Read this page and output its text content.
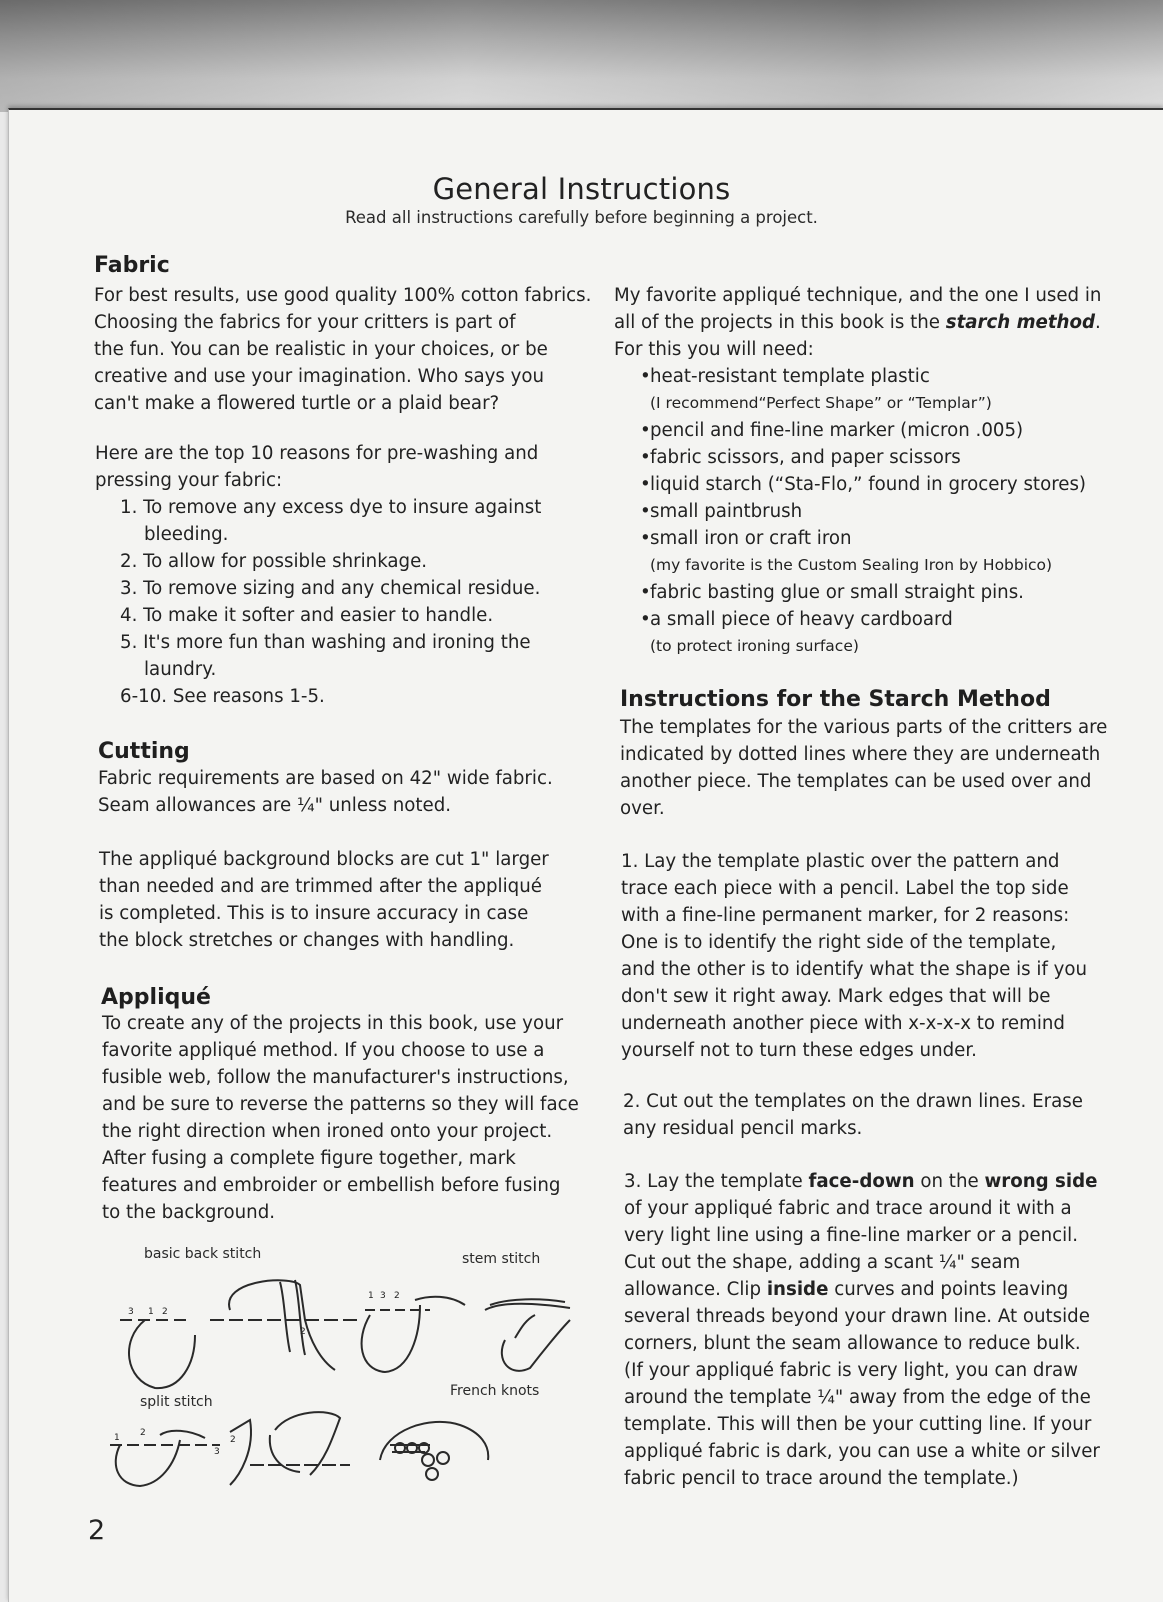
General Instructions
Read all instructions carefully before beginning a project.
Fabric

For best results, use good quality 100% cotton fabrics.

Choosing the fabrics for your critters is part of

the fun. You can be realistic in your choices, or be

creative and use your imagination. Who says you

can't make a flowered turtle or a plaid bear?

Here are the top 10 reasons for pre-washing and

pressing your fabric:

1. To remove any excess dye to insure against bleeding.

2. To allow for possible shrinkage.

3. To remove sizing and any chemical residue.

4. To make it softer and easier to handle.

5. It's more fun than washing and ironing the laundry.

6-10. See reasons 1-5.

Cutting

Fabric requirements are based on 42" wide fabric.

Seam allowances are ¼" unless noted.

The appliqué background blocks are cut 1" larger

than needed and are trimmed after the appliqué

is completed. This is to insure accuracy in case

the block stretches or changes with handling.

Appliqué

To create any of the projects in this book, use your

favorite appliqué method. If you choose to use a

fusible web, follow the manufacturer's instructions,

and be sure to reverse the patterns so they will face

the right direction when ironed onto your project.

After fusing a complete figure together, mark

features and embroider or embellish before fusing

to the background.

basic back stitch	stem stitch
split stitch
French knots
3 1 2
2
1 3 2
1 2
3
2
2

My favorite appliqué technique, and the one I used in

all of the projects in this book is the starch method.

For this you will need:

• heat-resistant template plastic
(I recommend“Perfect Shape” or “Templar”)
• pencil and fine-line marker (micron .005)
• fabric scissors, and paper scissors
• liquid starch (“Sta-Flo,” found in grocery stores)
• small paintbrush
• small iron or craft iron
(my favorite is the Custom Sealing Iron by Hobbico)
• fabric basting glue or small straight pins.
• a small piece of heavy cardboard
(to protect ironing surface)
Instructions for the Starch Method

The templates for the various parts of the critters are

indicated by dotted lines where they are underneath

another piece. The templates can be used over and

over.

1. Lay the template plastic over the pattern and

trace each piece with a pencil. Label the top side

with a fine-line permanent marker, for 2 reasons:

One is to identify the right side of the template,

and the other is to identify what the shape is if you

don't sew it right away. Mark edges that will be

underneath another piece with x-x-x-x to remind

yourself not to turn these edges under.

2. Cut out the templates on the drawn lines. Erase

any residual pencil marks.

3. Lay the template face-down on the wrong side

of your appliqué fabric and trace around it with a

very light line using a fine-line marker or a pencil.

Cut out the shape, adding a scant ¼" seam

allowance. Clip inside curves and points leaving

several threads beyond your drawn line. At outside

corners, blunt the seam allowance to reduce bulk.

(If your appliqué fabric is very light, you can draw

around the template ¼" away from the edge of the

template. This will then be your cutting line. If your

appliqué fabric is dark, you can use a white or silver

fabric pencil to trace around the template.)
